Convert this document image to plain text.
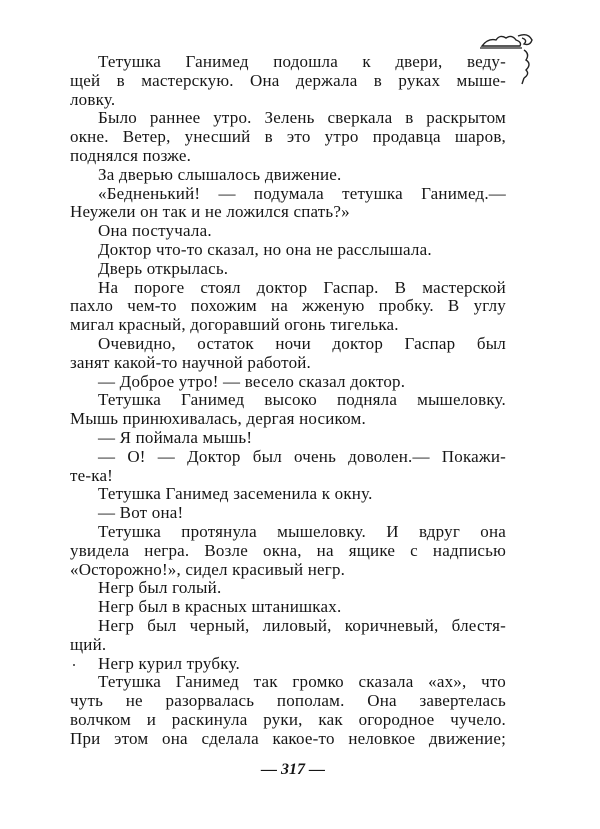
Тетушка Ганимед подошла к двери, веду-
щей в мастерскую. Она держала в руках мыше-
ловку.
Было раннее утро. Зелень сверкала в раскрытом
окне. Ветер, унесший в это утро продавца шаров,
поднялся позже.
За дверью слышалось движение.
«Бедненький! — подумала тетушка Ганимед.—
Неужели он так и не ложился спать?»
Она постучала.
Доктор что-то сказал, но она не расслышала.
Дверь открылась.
На пороге стоял доктор Гаспар. В мастерской
пахло чем-то похожим на жженую пробку. В углу
мигал красный, догоравший огонь тигелька.
Очевидно, остаток ночи доктор Гаспар был
занят какой-то научной работой.
— Доброе утро! — весело сказал доктор.
Тетушка Ганимед высоко подняла мышеловку.
Мышь принюхивалась, дергая носиком.
— Я поймала мышь!
— О! — Доктор был очень доволен.— Покажи-
те-ка!
Тетушка Ганимед засеменила к окну.
— Вот она!
Тетушка протянула мышеловку. И вдруг она
увидела негра. Возле окна, на ящике с надписью
«Осторожно!», сидел красивый негр.
Негр был голый.
Негр был в красных штанишках.
Негр был черный, лиловый, коричневый, блестя-
щий.
Негр курил трубку.
Тетушка Ганимед так громко сказала «ах», что
чуть не разорвалась пополам. Она завертелась
волчком и раскинула руки, как огородное чучело.
При этом она сделала какое-то неловкое движение;
— 317 —
